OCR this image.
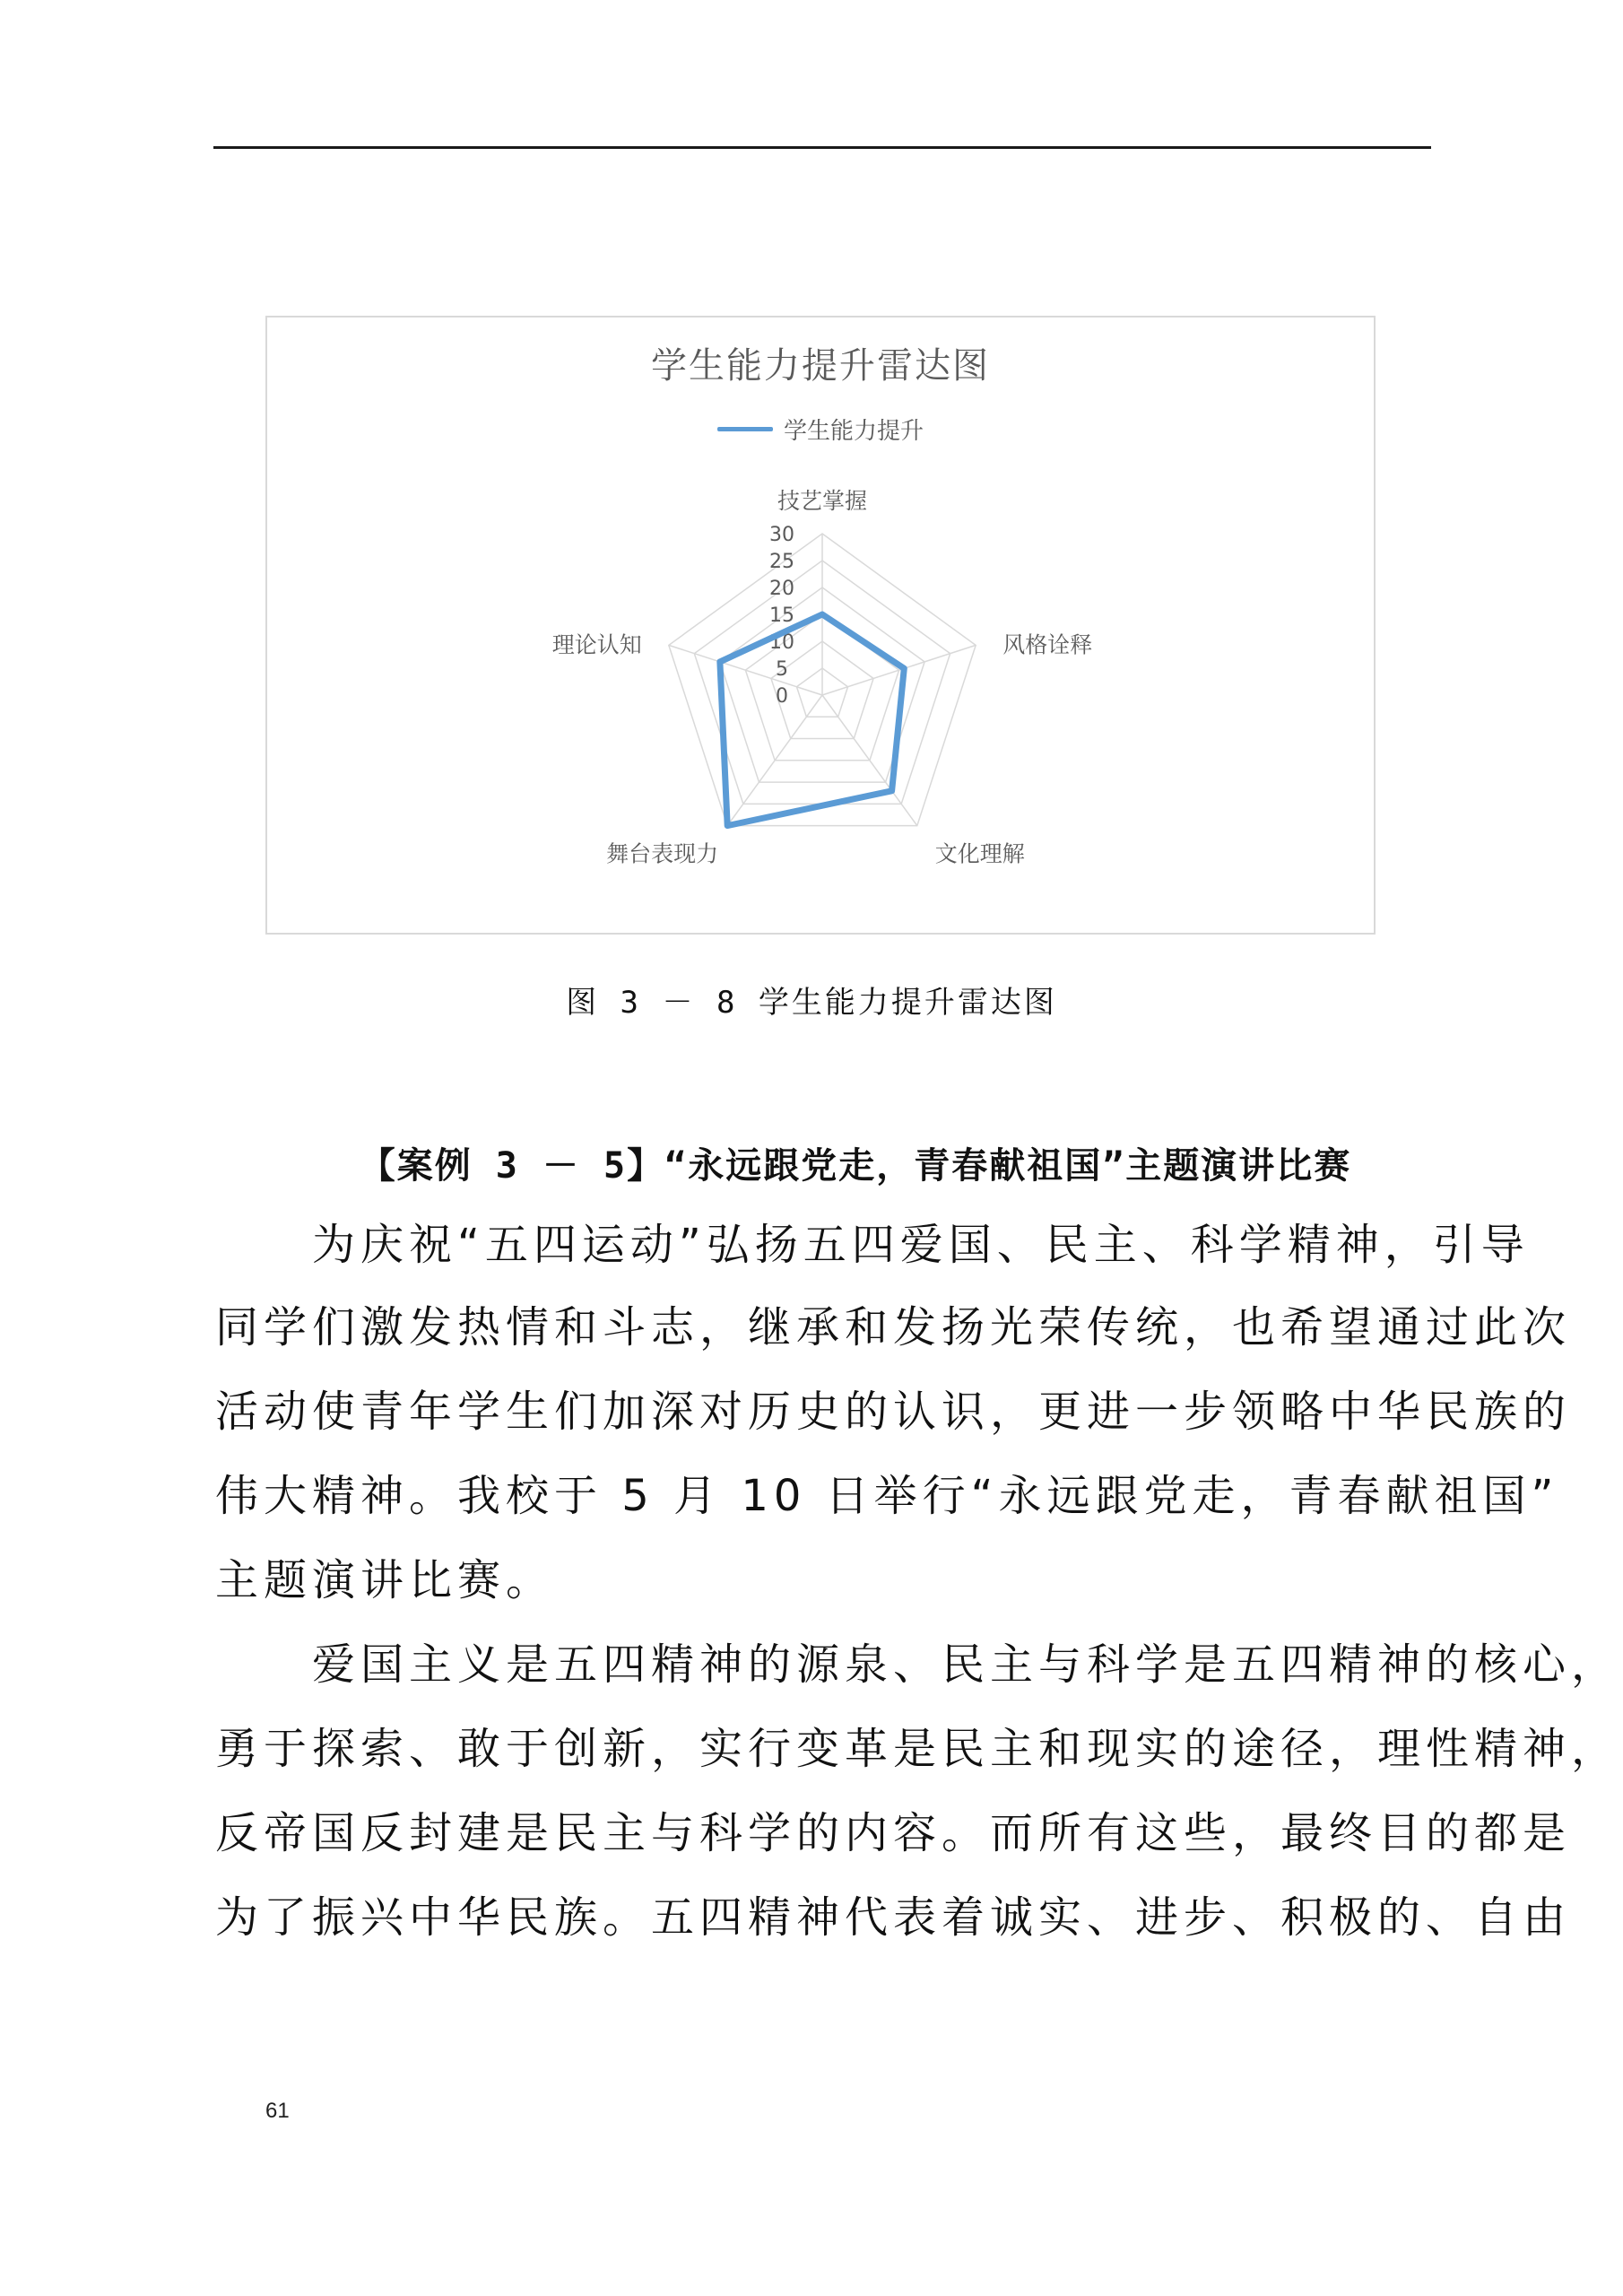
学生能力提升雷达图
学生能力提升
0
5
10
15
20
25
30
技艺掌握
风格诠释
文化理解
舞台表现力
理论认知
图 3 － 8 学生能力提升雷达图
【案例 3 － 5】“永远跟党走，青春献祖国”主题演讲比赛
　　为庆祝“五四运动”弘扬五四爱国、民主、科学精神，引导
同学们激发热情和斗志，继承和发扬光荣传统，也希望通过此次
活动使青年学生们加深对历史的认识，更进一步领略中华民族的
伟大精神。我校于 5 月 10 日举行“永远跟党走，青春献祖国”
主题演讲比赛。
　　爱国主义是五四精神的源泉、民主与科学是五四精神的核心，
勇于探索、敢于创新，实行变革是民主和现实的途径，理性精神，
反帝国反封建是民主与科学的内容。而所有这些，最终目的都是
为了振兴中华民族。五四精神代表着诚实、进步、积极的、自由
61
